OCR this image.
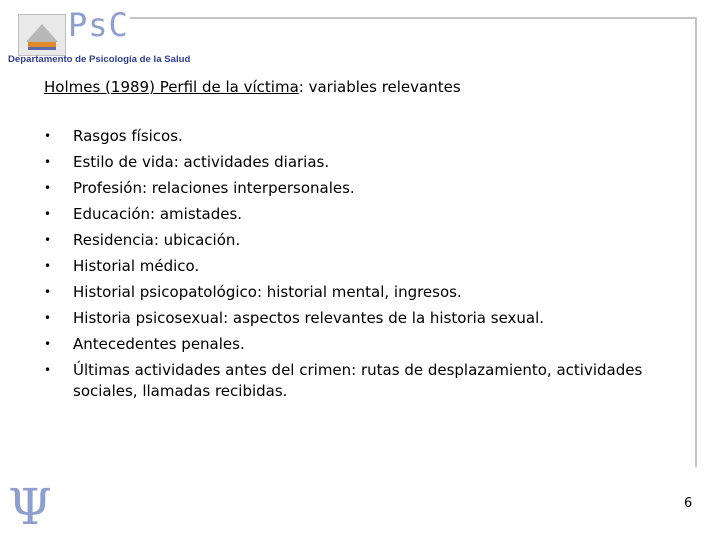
PsC
Departamento de Psicología de la Salud
Holmes (1989) Perfil de la víctima: variables relevantes
•	Rasgos físicos.
•	Estilo de vida: actividades diarias.
•	Profesión: relaciones interpersonales.
•	Educación: amistades.
•	Residencia: ubicación.
•	Historial médico.
•	Historial psicopatológico: historial mental, ingresos.
•	Historia psicosexual: aspectos relevantes de la historia sexual.
•	Antecedentes penales.
•	Últimas actividades antes del crimen: rutas de desplazamiento, actividades sociales, llamadas recibidas.
Ψ	6
